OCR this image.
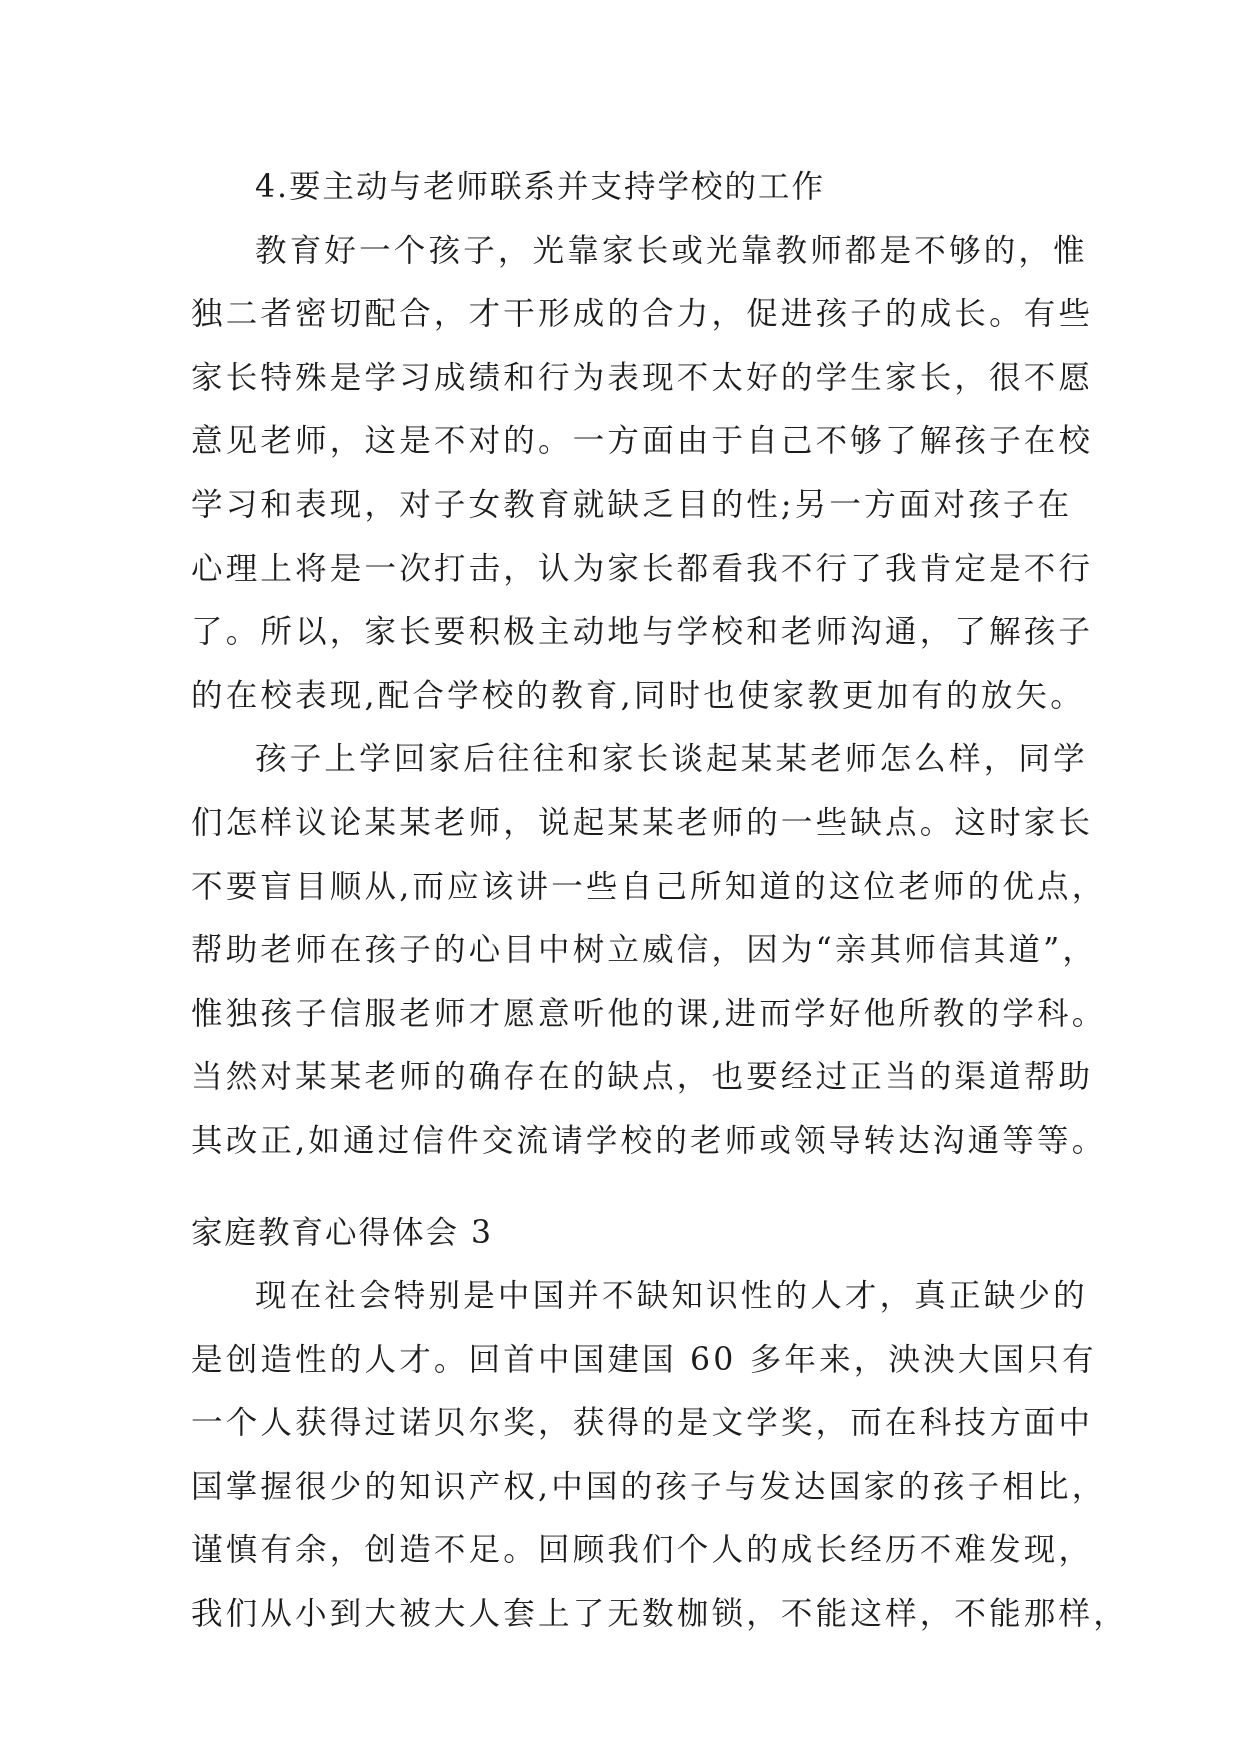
4.要主动与老师联系并支持学校的工作
教育好一个孩子，光靠家长或光靠教师都是不够的，惟
独二者密切配合，才干形成的合力，促进孩子的成长。有些
家长特殊是学习成绩和行为表现不太好的学生家长，很不愿
意见老师，这是不对的。一方面由于自己不够了解孩子在校
学习和表现，对子女教育就缺乏目的性;另一方面对孩子在
心理上将是一次打击，认为家长都看我不行了我肯定是不行
了。所以，家长要积极主动地与学校和老师沟通，了解孩子
的在校表现,配合学校的教育,同时也使家教更加有的放矢。
孩子上学回家后往往和家长谈起某某老师怎么样，同学
们怎样议论某某老师，说起某某老师的一些缺点。这时家长
不要盲目顺从,而应该讲一些自己所知道的这位老师的优点，
帮助老师在孩子的心目中树立威信，因为“亲其师信其道”，
惟独孩子信服老师才愿意听他的课,进而学好他所教的学科。
当然对某某老师的确存在的缺点，也要经过正当的渠道帮助
其改正,如通过信件交流请学校的老师或领导转达沟通等等。
家庭教育心得体会 3
现在社会特别是中国并不缺知识性的人才，真正缺少的
是创造性的人才。回首中国建国 60 多年来，泱泱大国只有
一个人获得过诺贝尔奖，获得的是文学奖，而在科技方面中
国掌握很少的知识产权,中国的孩子与发达国家的孩子相比，
谨慎有余，创造不足。回顾我们个人的成长经历不难发现，
我们从小到大被大人套上了无数枷锁，不能这样，不能那样，
